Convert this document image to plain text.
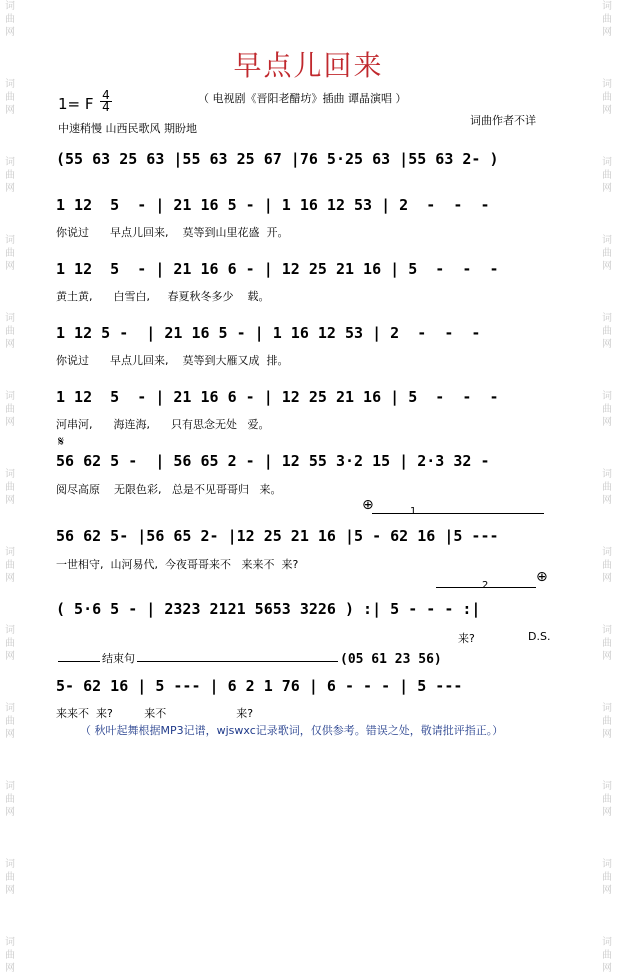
词
曲
网

词
曲
网

词
曲
网

词
曲
网

词
曲
网

词
曲
网

词
曲
网

词
曲
网

词
曲
网

词
曲
网

词
曲
网

词
曲
网

词
曲
网
词
曲
网

词
曲
网

词
曲
网

词
曲
网

词
曲
网

词
曲
网

词
曲
网

词
曲
网

词
曲
网

词
曲
网

词
曲
网

词
曲
网

词
曲
网
早点儿回来
（ 电视剧《晋阳老醋坊》插曲 谭晶演唱 ）
1= F 4
4
中速稍慢 山西民歌风 期盼地
词曲作者不详
(55 63 25 63 |55 63 25 67 |76 5·25 63 |55 63 2- )
1 12  5  - | 21 16 5 - | 1 16 12 53 | 2  -  -  -
你说过      早点儿回来,    莫等到山里花盛  开。
1 12  5  - | 21 16 6 - | 12 25 21 16 | 5  -  -  -
黄土黄,      白雪白,     春夏秋冬多少    载。
1 12 5 -  | 21 16 5 - | 1 16 12 53 | 2  -  -  -
你说过      早点儿回来,    莫等到大雁又成  排。
1 12  5  - | 21 16 6 - | 12 25 21 16 | 5  -  -  -
河串河,      海连海,      只有思念无处   爱。
𝄋
56 62 5 -  | 56 65 2 - | 12 55 3·2 15 | 2·3 32 -
阅尽高原    无限色彩,   总是不见哥哥归   来。
⊕	1
56 62 5- |56 65 2- |12 25 21 16 |5 - 62 16 |5 ---
一世相守,  山河易代,  今夜哥哥来不   来来不  来?
2
⊕
( 5·6 5 - | 2323 2121 5653 3226 ) :| 5 - - - :|
来?	D.S.
结束句	(05 61 23 56)
5- 62 16 | 5 --- | 6 2 1 76 | 6 - - - | 5 ---
来来不  来?         来不                    来?
（ 秋叶起舞根据MP3记谱，wjswxc记录歌词，仅供参考。错误之处，敬请批评指正。）
